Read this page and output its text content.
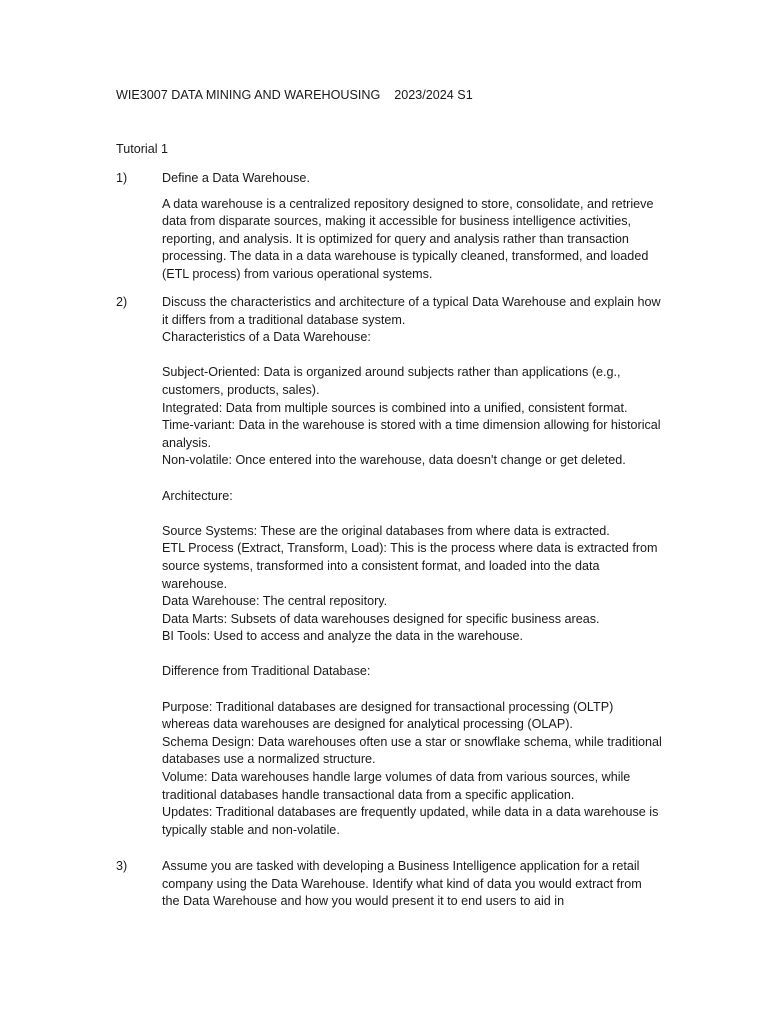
WIE3007 DATA MINING AND WAREHOUSING 2023/2024 S1
Tutorial 1
1)	Define a Data Warehouse.

A data warehouse is a centralized repository designed to store, consolidate, and retrieve data from disparate sources, making it accessible for business intelligence activities, reporting, and analysis. It is optimized for query and analysis rather than transaction processing. The data in a data warehouse is typically cleaned, transformed, and loaded (ETL process) from various operational systems.

2)	Discuss the characteristics and architecture of a typical Data Warehouse and explain how it differs from a traditional database system.

Characteristics of a Data Warehouse:

Subject-Oriented: Data is organized around subjects rather than applications (e.g., customers, products, sales).

Integrated: Data from multiple sources is combined into a unified, consistent format.

Time-variant: Data in the warehouse is stored with a time dimension allowing for historical analysis.

Non-volatile: Once entered into the warehouse, data doesn't change or get deleted.

Architecture:

Source Systems: These are the original databases from where data is extracted.

ETL Process (Extract, Transform, Load): This is the process where data is extracted from source systems, transformed into a consistent format, and loaded into the data warehouse.

Data Warehouse: The central repository.

Data Marts: Subsets of data warehouses designed for specific business areas.

BI Tools: Used to access and analyze the data in the warehouse.

Difference from Traditional Database:

Purpose: Traditional databases are designed for transactional processing (OLTP) whereas data warehouses are designed for analytical processing (OLAP).

Schema Design: Data warehouses often use a star or snowflake schema, while traditional databases use a normalized structure.

Volume: Data warehouses handle large volumes of data from various sources, while traditional databases handle transactional data from a specific application.

Updates: Traditional databases are frequently updated, while data in a data warehouse is typically stable and non-volatile.

3)	Assume you are tasked with developing a Business Intelligence application for a retail company using the Data Warehouse. Identify what kind of data you would extract from the Data Warehouse and how you would present it to end users to aid in
